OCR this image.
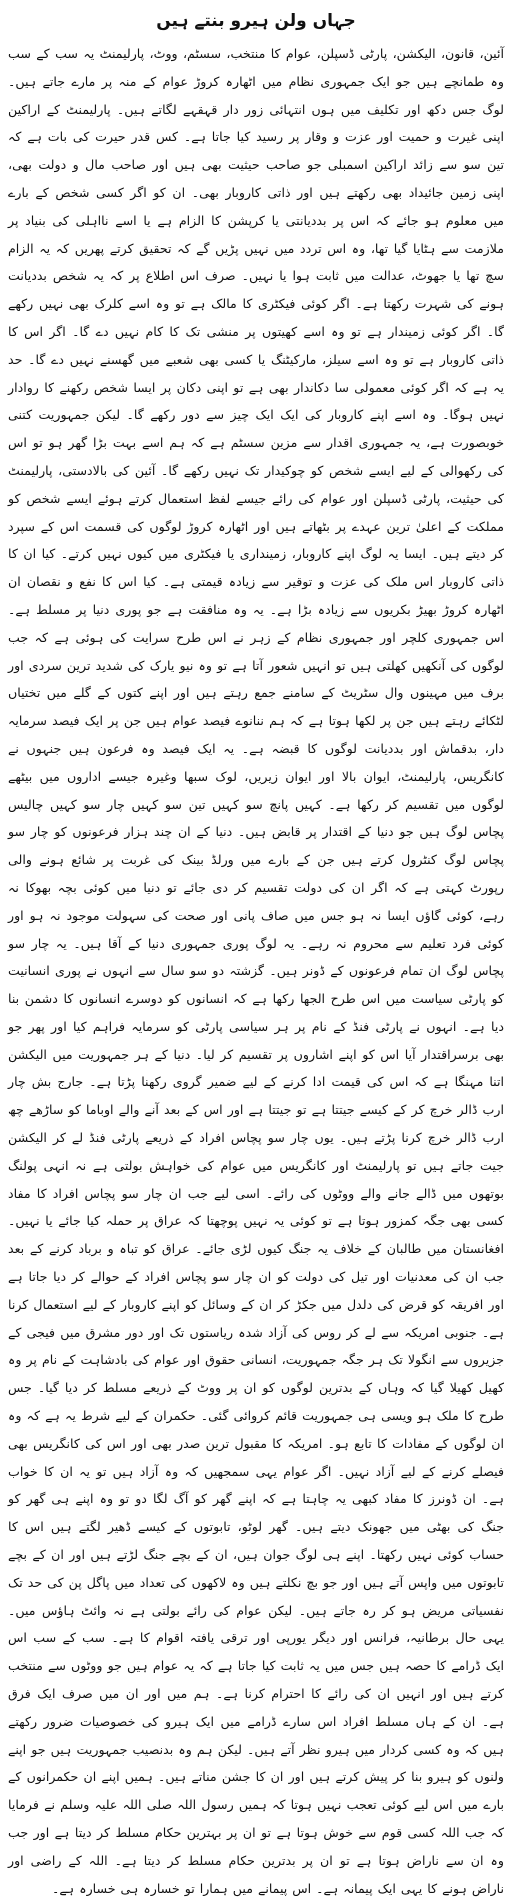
جہاں ولن ہیرو بنتے ہیں

آئین، قانون، الیکشن، پارٹی ڈسپلن، عوام کا منتخب، سسٹم، ووٹ، پارلیمنٹ یہ سب کے سب وہ طمانچے ہیں جو ایک جمہوری نظام میں اٹھارہ کروڑ عوام کے منہ پر مارے جاتے ہیں۔ لوگ جس دکھ اور تکلیف میں ہوں انتہائی زور دار قہقہے لگاتے ہیں۔ پارلیمنٹ کے اراکین اپنی غیرت و حمیت اور عزت و وقار پر رسید کیا جاتا ہے۔ کس قدر حیرت کی بات ہے کہ تین سو سے زائد اراکین اسمبلی جو صاحب حیثیت بھی ہیں اور صاحب مال و دولت بھی، اپنی زمین جائیداد بھی رکھتے ہیں اور ذاتی کاروبار بھی۔ ان کو اگر کسی شخص کے بارے میں معلوم ہو جائے کہ اس پر بددیانتی یا کرپشن کا الزام ہے یا اسے نااہلی کی بنیاد پر ملازمت سے ہٹایا گیا تھا، وہ اس تردد میں نہیں پڑیں گے کہ تحقیق کرتے پھریں کہ یہ الزام سچ تھا یا جھوٹ، عدالت میں ثابت ہوا یا نہیں۔ صرف اس اطلاع پر کہ یہ شخص بددیانت ہونے کی شہرت رکھتا ہے۔ اگر کوئی فیکٹری کا مالک ہے تو وہ اسے کلرک بھی نہیں رکھے گا۔ اگر کوئی زمیندار ہے تو وہ اسے کھیتوں پر منشی تک کا کام نہیں دے گا۔ اگر اس کا ذاتی کاروبار ہے تو وہ اسے سیلز، مارکیٹنگ یا کسی بھی شعبے میں گھسنے نہیں دے گا۔ حد یہ ہے کہ اگر کوئی معمولی سا دکاندار بھی ہے تو اپنی دکان پر ایسا شخص رکھنے کا روادار نہیں ہوگا۔ وہ اسے اپنے کاروبار کی ایک ایک چیز سے دور رکھے گا۔ لیکن جمہوریت کتنی خوبصورت ہے، یہ جمہوری اقدار سے مزین سسٹم ہے کہ ہم اسے بہت بڑا گھر ہو تو اس کی رکھوالی کے لیے ایسے شخص کو چوکیدار تک نہیں رکھے گا۔ آئین کی بالادستی، پارلیمنٹ کی حیثیت، پارٹی ڈسپلن اور عوام کی رائے جیسے لفظ استعمال کرتے ہوئے ایسے شخص کو مملکت کے اعلیٰ ترین عہدے پر بٹھاتے ہیں اور اٹھارہ کروڑ لوگوں کی قسمت اس کے سپرد کر دیتے ہیں۔ ایسا یہ لوگ اپنے کاروبار، زمینداری یا فیکٹری میں کیوں نہیں کرتے۔ کیا ان کا ذاتی کاروبار اس ملک کی عزت و توقیر سے زیادہ قیمتی ہے۔ کیا اس کا نفع و نقصان ان اٹھارہ کروڑ بھیڑ بکریوں سے زیادہ بڑا ہے۔ یہ وہ منافقت ہے جو پوری دنیا پر مسلط ہے۔ اس جمہوری کلچر اور جمہوری نظام کے زہر نے اس طرح سرایت کی ہوئی ہے کہ جب لوگوں کی آنکھیں کھلتی ہیں تو انہیں شعور آتا ہے تو وہ نیو یارک کی شدید ترین سردی اور برف میں مہینوں وال سٹریٹ کے سامنے جمع رہتے ہیں اور اپنے کتوں کے گلے میں تختیاں لٹکائے رہتے ہیں جن پر لکھا ہوتا ہے کہ ہم ننانوے فیصد عوام ہیں جن پر ایک فیصد سرمایہ دار، بدقماش اور بددیانت لوگوں کا قبضہ ہے۔ یہ ایک فیصد وہ فرعون ہیں جنہوں نے کانگریس، پارلیمنٹ، ایوان بالا اور ایوان زیریں، لوک سبھا وغیرہ جیسے اداروں میں بیٹھے لوگوں میں تقسیم کر رکھا ہے۔ کہیں پانچ سو کہیں تین سو کہیں چار سو کہیں چالیس پچاس لوگ ہیں جو دنیا کے اقتدار پر قابض ہیں۔ دنیا کے ان چند ہزار فرعونوں کو چار سو پچاس لوگ کنٹرول کرتے ہیں جن کے بارے میں ورلڈ بینک کی غربت پر شائع ہونے والی رپورٹ کہتی ہے کہ اگر ان کی دولت تقسیم کر دی جائے تو دنیا میں کوئی بچہ بھوکا نہ رہے، کوئی گاؤں ایسا نہ ہو جس میں صاف پانی اور صحت کی سہولت موجود نہ ہو اور کوئی فرد تعلیم سے محروم نہ رہے۔ یہ لوگ پوری جمہوری دنیا کے آقا ہیں۔ یہ چار سو پچاس لوگ ان تمام فرعونوں کے ڈونر ہیں۔ گزشتہ دو سو سال سے انہوں نے پوری انسانیت کو پارٹی سیاست میں اس طرح الجھا رکھا ہے کہ انسانوں کو دوسرے انسانوں کا دشمن بنا دیا ہے۔ انہوں نے پارٹی فنڈ کے نام پر ہر سیاسی پارٹی کو سرمایہ فراہم کیا اور پھر جو بھی برسراقتدار آیا اس کو اپنے اشاروں پر تقسیم کر لیا۔ دنیا کے ہر جمہوریت میں الیکشن اتنا مہنگا ہے کہ اس کی قیمت ادا کرنے کے لیے ضمیر گروی رکھنا پڑتا ہے۔ جارج بش چار ارب ڈالر خرچ کر کے کیسے جیتتا ہے تو جیتتا ہے اور اس کے بعد آنے والے اوباما کو ساڑھے چھ ارب ڈالر خرچ کرنا پڑتے ہیں۔ یوں چار سو پچاس افراد کے ذریعے پارٹی فنڈ لے کر الیکشن جیت جاتے ہیں تو پارلیمنٹ اور کانگریس میں عوام کی خواہش بولتی ہے نہ انہی پولنگ بوتھوں میں ڈالے جانے والے ووٹوں کی رائے۔ اسی لیے جب ان چار سو پچاس افراد کا مفاد کسی بھی جگہ کمزور ہوتا ہے تو کوئی یہ نہیں پوچھتا کہ عراق پر حملہ کیا جائے یا نہیں۔ افغانستان میں طالبان کے خلاف یہ جنگ کیوں لڑی جائے۔ عراق کو تباہ و برباد کرنے کے بعد جب ان کی معدنیات اور تیل کی دولت کو ان چار سو پچاس افراد کے حوالے کر دیا جاتا ہے اور افریقہ کو قرض کی دلدل میں جکڑ کر ان کے وسائل کو اپنے کاروبار کے لیے استعمال کرنا ہے۔ جنوبی امریکہ سے لے کر روس کی آزاد شدہ ریاستوں تک اور دور مشرق میں فیجی کے جزیروں سے انگولا تک ہر جگہ جمہوریت، انسانی حقوق اور عوام کی بادشاہت کے نام پر وہ کھیل کھیلا گیا کہ وہاں کے بدترین لوگوں کو ان پر ووٹ کے ذریعے مسلط کر دیا گیا۔ جس طرح کا ملک ہو ویسی ہی جمہوریت قائم کروائی گئی۔ حکمران کے لیے شرط یہ ہے کہ وہ ان لوگوں کے مفادات کا تابع ہو۔ امریکہ کا مقبول ترین صدر بھی اور اس کی کانگریس بھی فیصلے کرنے کے لیے آزاد نہیں۔ اگر عوام یہی سمجھیں کہ وہ آزاد ہیں تو یہ ان کا خواب ہے۔ ان ڈونرز کا مفاد کبھی یہ چاہتا ہے کہ اپنے گھر کو آگ لگا دو تو وہ اپنے ہی گھر کو جنگ کی بھٹی میں جھونک دیتے ہیں۔ گھر لوٹو، تابوتوں کے کیسے ڈھیر لگتے ہیں اس کا حساب کوئی نہیں رکھتا۔ اپنے ہی لوگ جوان ہیں، ان کے بچے جنگ لڑتے ہیں اور ان کے بچے تابوتوں میں واپس آتے ہیں اور جو بچ نکلتے ہیں وہ لاکھوں کی تعداد میں پاگل پن کی حد تک نفسیاتی مریض ہو کر رہ جاتے ہیں۔ لیکن عوام کی رائے بولتی ہے نہ وائٹ ہاؤس میں۔ یہی حال برطانیہ، فرانس اور دیگر یورپی اور ترقی یافتہ اقوام کا ہے۔ سب کے سب اس ایک ڈرامے کا حصہ ہیں جس میں یہ ثابت کیا جاتا ہے کہ یہ عوام ہیں جو ووٹوں سے منتخب کرتے ہیں اور انہیں ان کی رائے کا احترام کرنا ہے۔ ہم میں اور ان میں صرف ایک فرق ہے۔ ان کے ہاں مسلط افراد اس سارے ڈرامے میں ایک ہیرو کی خصوصیات ضرور رکھتے ہیں کہ وہ کسی کردار میں ہیرو نظر آتے ہیں۔ لیکن ہم وہ بدنصیب جمہوریت ہیں جو اپنے ولنوں کو ہیرو بنا کر پیش کرتے ہیں اور ان کا جشن مناتے ہیں۔ ہمیں اپنے ان حکمرانوں کے بارے میں اس لیے کوئی تعجب نہیں ہوتا کہ ہمیں رسول اللہ صلی اللہ علیہ وسلم نے فرمایا کہ جب اللہ کسی قوم سے خوش ہوتا ہے تو ان پر بہترین حکام مسلط کر دیتا ہے اور جب وہ ان سے ناراض ہوتا ہے تو ان پر بدترین حکام مسلط کر دیتا ہے۔ اللہ کے راضی اور ناراض ہونے کا یہی ایک پیمانہ ہے۔ اس پیمانے میں ہمارا تو خسارہ ہی خسارہ ہے۔
